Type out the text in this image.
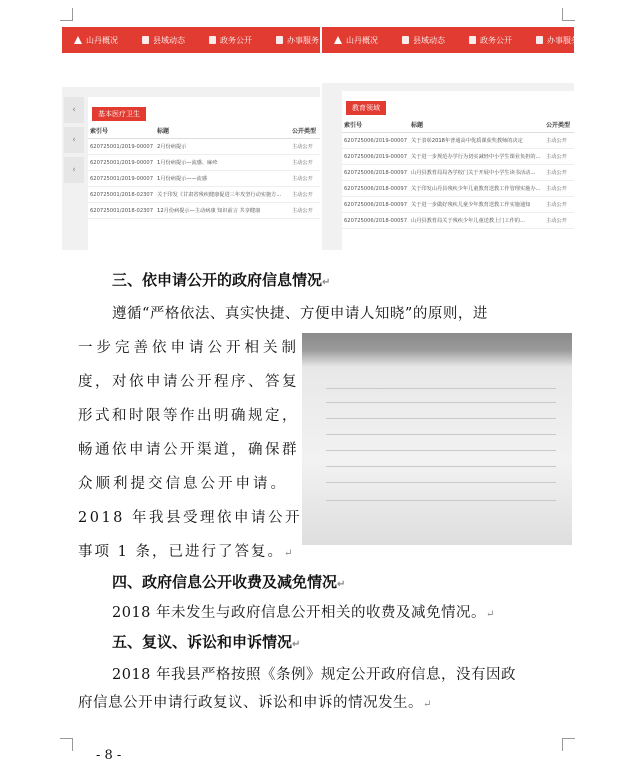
山丹概况	县域动态	政务公开	办事服务
‹
‹
‹
基本医疗卫生
索引号	标题	公开类型
620725001/2019-00007	2月份病提示	主动公开
620725001/2019-00007	1月份病提示—流感、麻疹	主动公开
620725001/2019-00007	1月份病提示——流感	主动公开
620725001/2018-02307	关于印发《甘肃省残疾健康促进三年攻坚行动实施方...	主动公开
620725001/2018-02307	12月份病提示—主动病康 知识前言 共享健康	主动公开
山丹概况	县域动态	政务公开	办事服务
教育领域
索引号	标题	公开类型
620725006/2019-00007	关于表彰2018年普通高中优质课获奖教师的决定	主动公开
620725006/2019-00007	关于进一步规范办学行为切实减轻中小学生课业负担的...	主动公开
620725006/2018-00097	山丹县教育局局各学校门关于开展中小学生读书活动...	主动公开
620725006/2018-00097	关于印发山丹县残疾少年儿童教育送教工作管理实施办...	主动公开
620725006/2018-00097	关于进一步做好残疾儿童少年教育送教工作实施通知	主动公开
620725006/2018-00057	山丹县教育局关于残疾少年儿童送教上门工作的...	主动公开
三、依申请公开的政府信息情况↵
遵循“严格依法、真实快捷、方便申请人知晓”的原则，进
一步完善依申请公开相关制
度，对依申请公开程序、答复
形式和时限等作出明确规定，
畅通依申请公开渠道，确保群
众顺利提交信息公开申请。
2018 年我县受理依申请公开
事项 1 条，已进行了答复。↵
四、政府信息公开收费及减免情况↵
2018 年未发生与政府信息公开相关的收费及减免情况。↵
五、复议、诉讼和申诉情况↵
2018 年我县严格按照《条例》规定公开政府信息，没有因政
府信息公开申请行政复议、诉讼和申诉的情况发生。↵
- 8 -
